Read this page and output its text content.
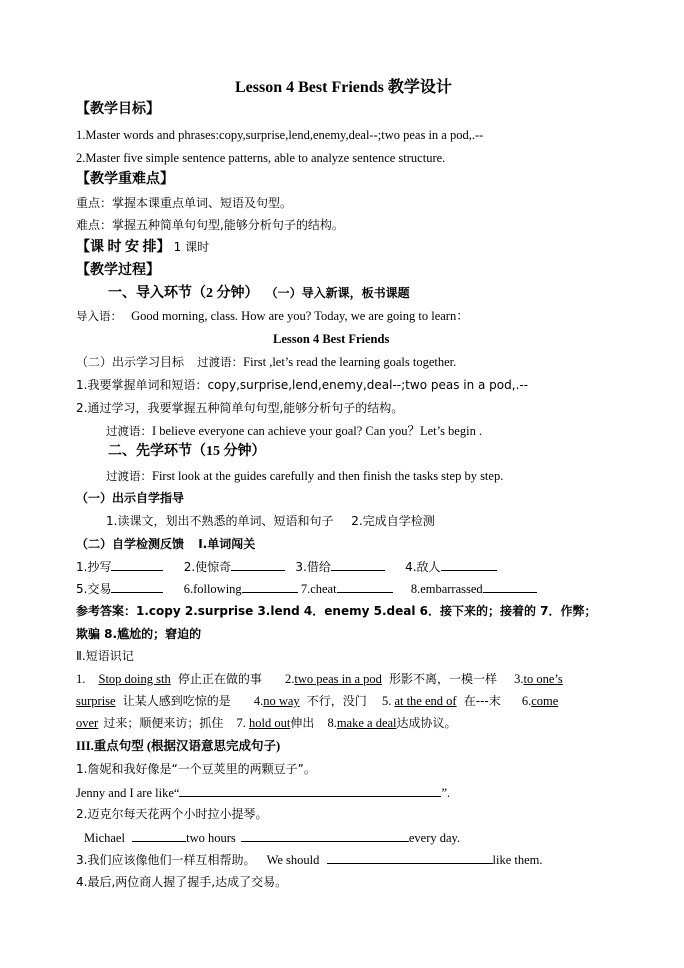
Lesson 4 Best Friends 教学设计
【教学目标】
1.Master words and phrases:copy,surprise,lend,enemy,deal--;two peas in a pod,.--
2.Master five simple sentence patterns, able to analyze sentence structure.
【教学重难点】
重点：掌握本课重点单词、短语及句型。
难点：掌握五种简单句句型,能够分析句子的结构。
【课 时 安 排】 1 课时
【教学过程】
一、导入环节（2 分钟） （一）导入新课，板书课题
导入语： Good morning, class. How are you? Today, we are going to learn：
Lesson 4 Best Friends
（二）出示学习目标 过渡语：First ,let’s read the learning goals together.
1.我要掌握单词和短语：copy,surprise,lend,enemy,deal--;two peas in a pod,.--
2.通过学习，我要掌握五种简单句句型,能够分析句子的结构。
过渡语：I believe everyone can achieve your goal? Can you？Let’s begin .
二、先学环节（15 分钟）
过渡语：First look at the guides carefully and then finish the tasks step by step.
（一）出示自学指导
1.读课文，划出不熟悉的单词、短语和句子 2.完成自学检测
（二）自学检测反馈 Ⅰ.单词闯关
1.抄写	2.使惊奇	3.借给	4.敌人
5.交易	6.following	7.cheat	8.embarrassed
参考答案：1.copy 2.surprise 3.lend 4．enemy 5.deal 6．接下来的；接着的 7．作弊；
欺骗 8.尴尬的；窘迫的
Ⅱ.短语识记
1. Stop doing sth 停止正在做的事 2.two peas in a pod 形影不离，一模一样 3.to one’s
surprise 让某人感到吃惊的是 4.no way 不行，没门 5. at the end of 在---末 6.come
over 过来；顺便来访；抓住 7. hold out伸出 8.make a deal达成协议。
III.重点句型 (根据汉语意思完成句子)
1.詹妮和我好像是“一个豆荚里的两颗豆子”。
Jenny and I are like“	”.
2.迈克尔每天花两个小时拉小提琴。
Michael	two hours	every day.
3.我们应该像他们一样互相帮助。 We should	like them.
4.最后,两位商人握了握手,达成了交易。
